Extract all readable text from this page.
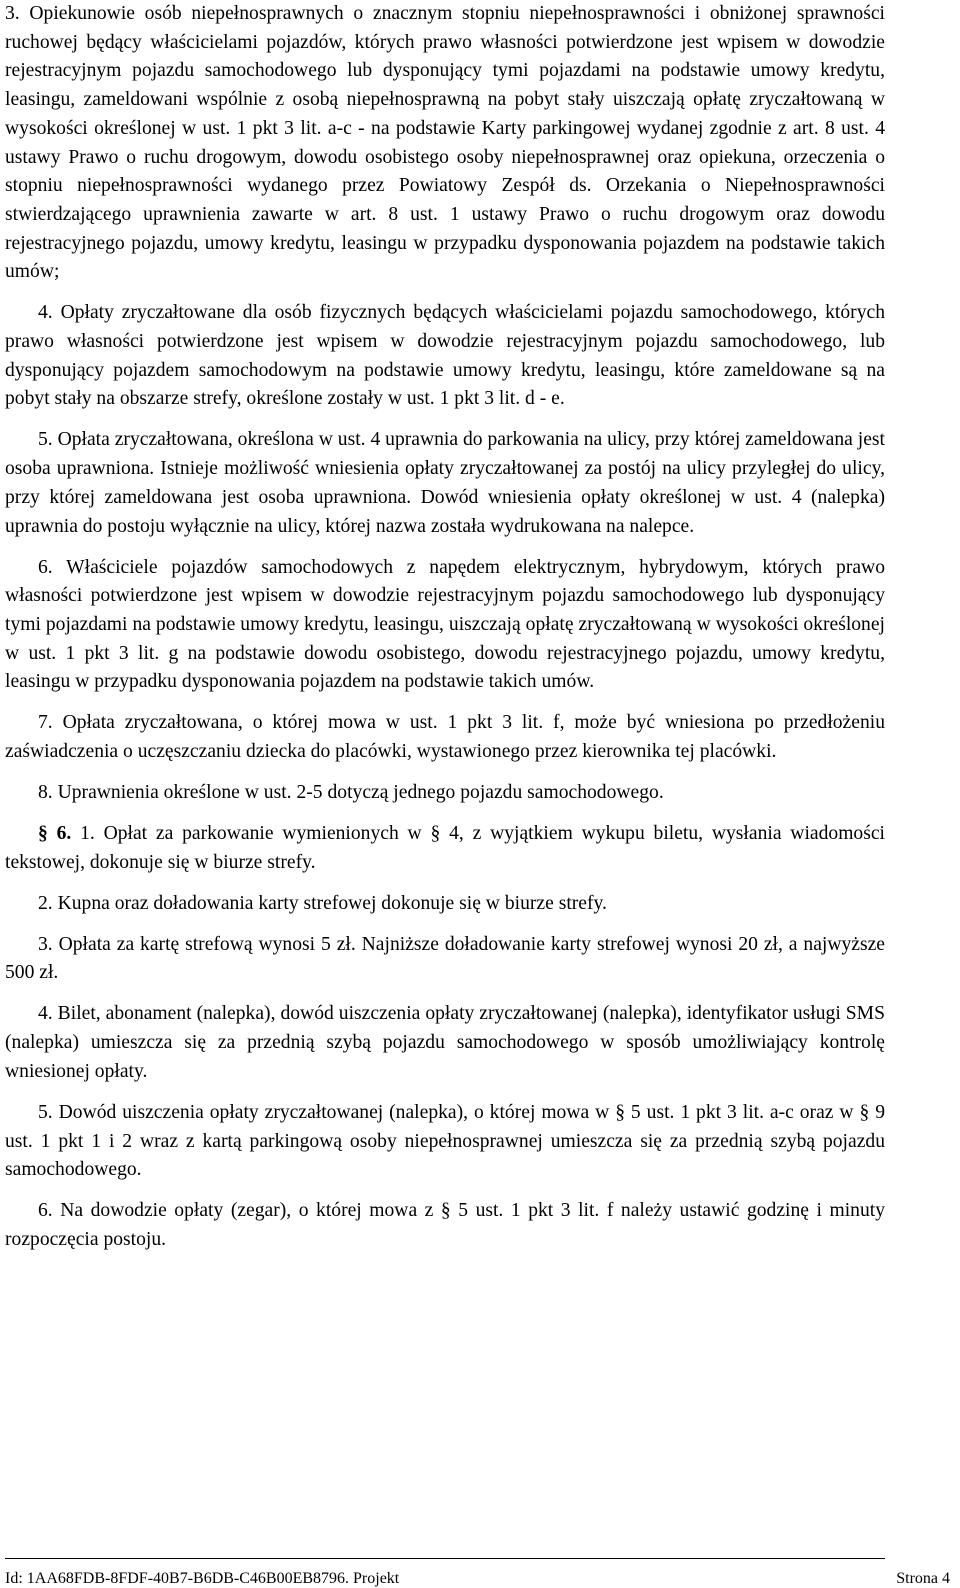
3. Opiekunowie osób niepełnosprawnych o znacznym stopniu niepełnosprawności i obniżonej sprawności ruchowej będący właścicielami pojazdów, których prawo własności potwierdzone jest wpisem w dowodzie rejestracyjnym pojazdu samochodowego lub dysponujący tymi pojazdami na podstawie umowy kredytu, leasingu, zameldowani wspólnie z osobą niepełnosprawną na pobyt stały uiszczają opłatę zryczałtowaną w wysokości określonej w ust. 1 pkt 3 lit. a-c - na podstawie Karty parkingowej wydanej zgodnie z art. 8 ust. 4 ustawy Prawo o ruchu drogowym, dowodu osobistego osoby niepełnosprawnej oraz opiekuna, orzeczenia o stopniu niepełnosprawności wydanego przez Powiatowy Zespół ds. Orzekania o Niepełnosprawności stwierdzającego uprawnienia zawarte w art. 8 ust. 1 ustawy Prawo o ruchu drogowym oraz dowodu rejestracyjnego pojazdu, umowy kredytu, leasingu w przypadku dysponowania pojazdem na podstawie takich umów;

4. Opłaty zryczałtowane dla osób fizycznych będących właścicielami pojazdu samochodowego, których prawo własności potwierdzone jest wpisem w dowodzie rejestracyjnym pojazdu samochodowego, lub dysponujący pojazdem samochodowym na podstawie umowy kredytu, leasingu, które zameldowane są na pobyt stały na obszarze strefy, określone zostały w ust. 1 pkt 3 lit. d - e.

5. Opłata zryczałtowana, określona w ust. 4 uprawnia do parkowania na ulicy, przy której zameldowana jest osoba uprawniona. Istnieje możliwość wniesienia opłaty zryczałtowanej za postój na ulicy przyległej do ulicy, przy której zameldowana jest osoba uprawniona. Dowód wniesienia opłaty określonej w ust. 4 (nalepka) uprawnia do postoju wyłącznie na ulicy, której nazwa została wydrukowana na nalepce.

6. Właściciele pojazdów samochodowych z napędem elektrycznym, hybrydowym, których prawo własności potwierdzone jest wpisem w dowodzie rejestracyjnym pojazdu samochodowego lub dysponujący tymi pojazdami na podstawie umowy kredytu, leasingu, uiszczają opłatę zryczałtowaną w wysokości określonej w ust. 1 pkt 3 lit. g na podstawie dowodu osobistego, dowodu rejestracyjnego pojazdu, umowy kredytu, leasingu w przypadku dysponowania pojazdem na podstawie takich umów.

7. Opłata zryczałtowana, o której mowa w ust. 1 pkt 3 lit. f, może być wniesiona po przedłożeniu zaświadczenia o uczęszczaniu dziecka do placówki, wystawionego przez kierownika tej placówki.

8. Uprawnienia określone w ust. 2-5 dotyczą jednego pojazdu samochodowego.

§ 6. 1. Opłat za parkowanie wymienionych w § 4, z wyjątkiem wykupu biletu, wysłania wiadomości tekstowej, dokonuje się w biurze strefy.

2. Kupna oraz doładowania karty strefowej dokonuje się w biurze strefy.

3. Opłata za kartę strefową wynosi 5 zł. Najniższe doładowanie karty strefowej wynosi 20 zł, a najwyższe 500 zł.

4. Bilet, abonament (nalepka), dowód uiszczenia opłaty zryczałtowanej (nalepka), identyfikator usługi SMS (nalepka) umieszcza się za przednią szybą pojazdu samochodowego w sposób umożliwiający kontrolę wniesionej opłaty.

5. Dowód uiszczenia opłaty zryczałtowanej (nalepka), o której mowa w § 5 ust. 1 pkt 3 lit. a-c oraz w § 9 ust. 1 pkt 1 i 2 wraz z kartą parkingową osoby niepełnosprawnej umieszcza się za przednią szybą pojazdu samochodowego.

6. Na dowodzie opłaty (zegar), o której mowa z § 5 ust. 1 pkt 3 lit. f należy ustawić godzinę i minuty rozpoczęcia postoju.

Id: 1AA68FDB-8FDF-40B7-B6DB-C46B00EB8796. Projekt	Strona 4
